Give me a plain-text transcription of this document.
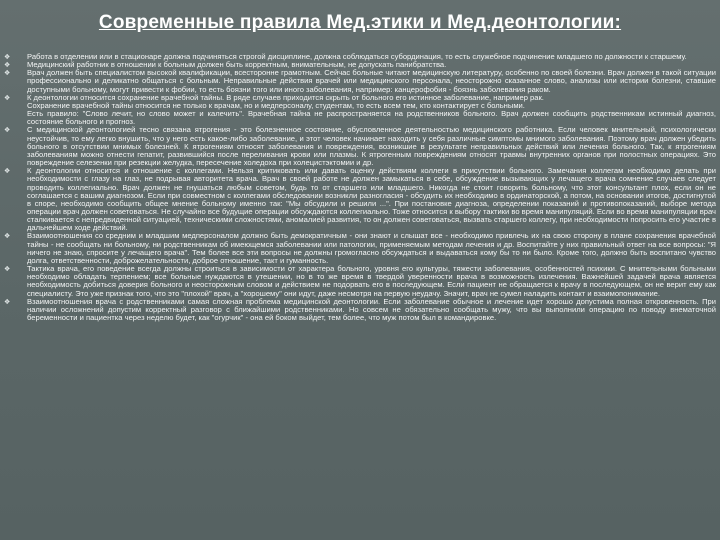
Современные правила Мед.этики и Мед.деонтологии:
❖ Работа в отделении или в стационаре должна подчиняться строгой дисциплине, должна соблюдаться субординация, то есть служебное подчинение младшего по должности к старшему.
❖ Медицинский работник в отношении к больным должен быть корректным, внимательным, не допускать панибратства.
❖ Врач должен быть специалистом высокой квалификации, всесторонне грамотным. Сейчас больные читают медицинскую литературу, особенно по своей болезни. Врач должен в такой ситуации профессионально и деликатно общаться с больным. Неправильные действия врачей или медицинского персонала, неосторожно сказанное слово, анализы или истории болезни, ставшие доступными больному, могут привести к фобии, то есть боязни того или иного заболевания, например: канцерофобия - боязнь заболевания раком.
❖ К деонтологии относится сохранение врачебной тайны. В ряде случаев приходится скрыть от больного его истинное заболевание, например рак.
Сохранение врачебной тайны относится не только к врачам, но и медперсоналу, студентам, то есть всем тем, кто контактирует с больными.
Есть правило: "Слово лечит, но слово может и калечить". Врачебная тайна не распространяется на родственников больного. Врач должен сообщить родственникам истинный диагноз, состояние больного и прогноз.
❖ С медицинской деонтологией тесно связана ятрогения - это болезненное состояние, обусловленное деятельностью медицинского работника. Если человек мнительный, психологически неустойчив, то ему легко внушить, что у него есть какое-либо заболевание, и этот человек начинает находить у себя различные симптомы мнимого заболевания. Поэтому врач должен убедить больного в отсутствии мнимых болезней. К ятрогениям относят заболевания и повреждения, возникшие в результате неправильных действий или лечения больного. Так, к ятрогениям заболеваниям можно отнести гепатит, развившийся после переливания крови или плазмы. К ятрогенным повреждениям относят травмы внутренних органов при полостных операциях. Это повреждение селезенки при резекции желудка, пересечение холедоха при холецистэктомии и др.
❖ К деонтологии относится и отношение с коллегами. Нельзя критиковать или давать оценку действиям коллеги в присутствии больного. Замечания коллегам необходимо делать при необходимости с глазу на глаз, не подрывая авторитета врача. Врач в своей работе не должен замыкаться в себе, обсуждение вызывающих у лечащего врача сомнение случаев следует проводить коллегиально. Врач должен не гнушаться любым советом, будь то от старшего или младшего. Никогда не стоит говорить больному, что этот консультант плох, если он не соглашается с вашим диагнозом. Если при совместном с коллегами обследовании возникли разногласия - обсудить их необходимо в ординаторской, а потом, на основании итогов, достигнутой в споре, необходимо сообщить общее мнение больному именно так: "Мы обсудили и решили ...". При постановке диагноза, определении показаний и противопоказаний, выборе метода операции врач должен советоваться. Не случайно все будущие операции обсуждаются коллегиально. Тоже относится к выбору тактики во время манипуляций. Если во время манипуляции врач сталкивается с непредвиденной ситуацией, техническими сложностями, аномалией развития, то он должен советоваться, вызвать старшего коллегу, при необходимости попросить его участие в дальнейшем ходе действий.
❖ Взаимоотношения со средним и младшим медперсоналом должно быть демократичным - они знают и слышат все - необходимо привлечь их на свою сторону в плане сохранения врачебной тайны - не сообщать ни больному, ни родственникам об имеющемся заболевании или патологии, применяемым методам лечения и др. Воспитайте у них правильный ответ на все вопросы: "Я ничего не знаю, спросите у лечащего врача". Тем более все эти вопросы не должны громогласно обсуждаться и выдаваться кому бы то ни было. Кроме того, должно быть воспитано чувство долга, ответственности, доброжелательности, доброе отношение, такт и гуманность.
❖ Тактика врача, его поведение всегда должны строиться в зависимости от характера больного, уровня его культуры, тяжести заболевания, особенностей психики. С мнительными больными необходимо обладать терпением; все больные нуждаются в утешении, но в то же время в твердой уверенности врача в возможность излечения. Важнейшей задачей врача является необходимость добиться доверия больного и неосторожным словом и действием не подорвать его в последующем. Если пациент не обращается к врачу в последующем, он не верит ему как специалисту. Это уже признак того, что это "плохой" врач, а "хорошему" они идут, даже несмотря на первую неудачу. Значит, врач не сумел наладить контакт и взаимопонимание.
❖ Взаимоотношения врача с родственниками самая сложная проблема медицинской деонтологии. Если заболевание обычное и лечение идет хорошо допустима полная откровенность. При наличии осложнений допустим корректный разговор с ближайшими родственниками. Но совсем не обязательно сообщать мужу, что вы выполнили операцию по поводу внематочной беременности и пациентка через неделю будет, как "огурчик" - она ей боком выйдет, тем более, что муж потом был в командировке.
